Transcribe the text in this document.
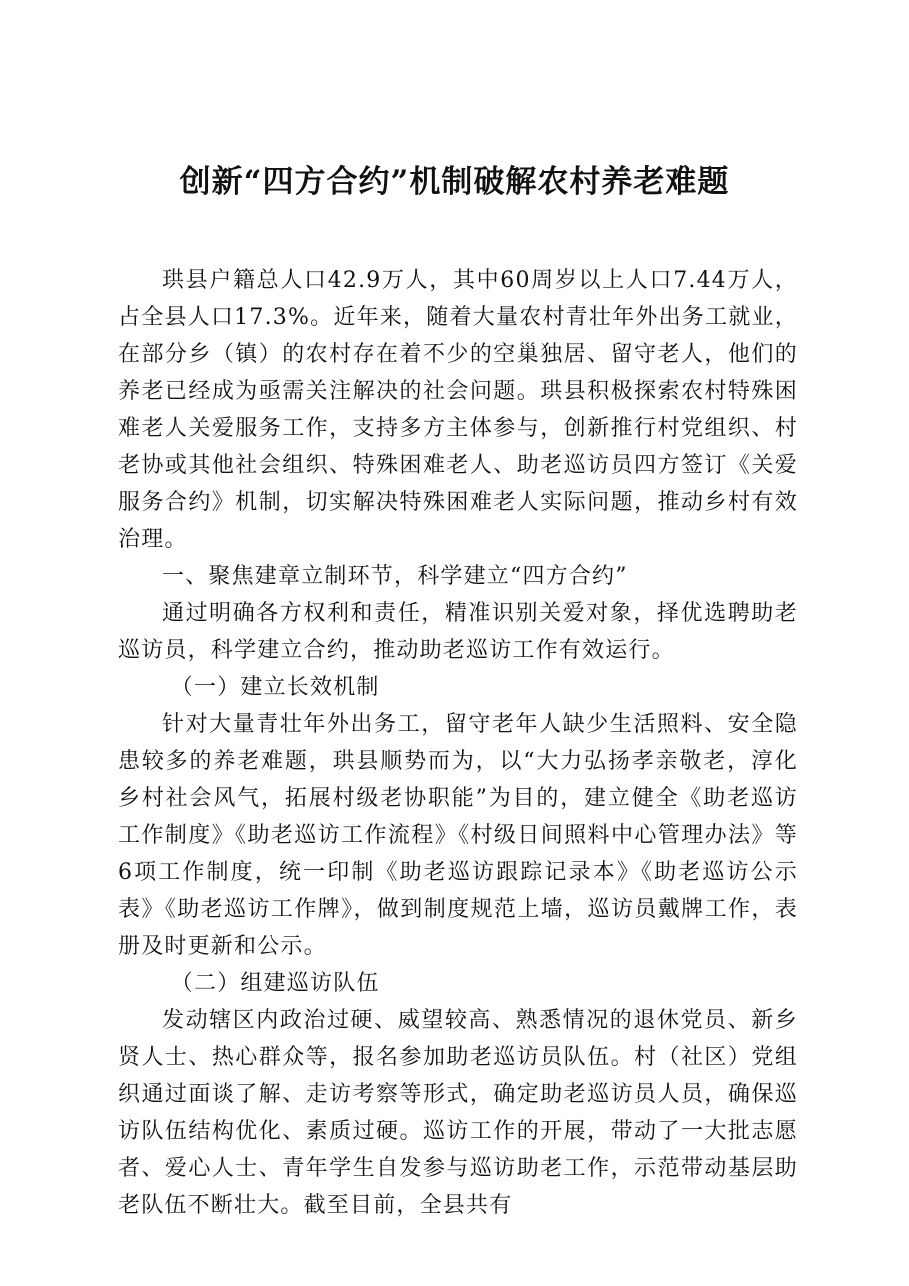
创新“四方合约”机制破解农村养老难题

珙县户籍总人口42.9万人，其中60周岁以上人口7.44万人，占全县人口17.3%。近年来，随着大量农村青壮年外出务工就业，在部分乡（镇）的农村存在着不少的空巢独居、留守老人，他们的养老已经成为亟需关注解决的社会问题。珙县积极探索农村特殊困难老人关爱服务工作，支持多方主体参与，创新推行村党组织、村老协或其他社会组织、特殊困难老人、助老巡访员四方签订《关爱服务合约》机制，切实解决特殊困难老人实际问题，推动乡村有效治理。

一、聚焦建章立制环节，科学建立“四方合约”

通过明确各方权利和责任，精准识别关爱对象，择优选聘助老巡访员，科学建立合约，推动助老巡访工作有效运行。

（一）建立长效机制

针对大量青壮年外出务工，留守老年人缺少生活照料、安全隐患较多的养老难题，珙县顺势而为，以“大力弘扬孝亲敬老，淳化乡村社会风气，拓展村级老协职能”为目的，建立健全《助老巡访工作制度》《助老巡访工作流程》《村级日间照料中心管理办法》等6项工作制度，统一印制《助老巡访跟踪记录本》《助老巡访公示表》《助老巡访工作牌》，做到制度规范上墙，巡访员戴牌工作，表册及时更新和公示。

（二）组建巡访队伍

发动辖区内政治过硬、威望较高、熟悉情况的退休党员、新乡贤人士、热心群众等，报名参加助老巡访员队伍。村（社区）党组织通过面谈了解、走访考察等形式，确定助老巡访员人员，确保巡访队伍结构优化、素质过硬。巡访工作的开展，带动了一大批志愿者、爱心人士、青年学生自发参与巡访助老工作，示范带动基层助老队伍不断壮大。截至目前，全县共有
